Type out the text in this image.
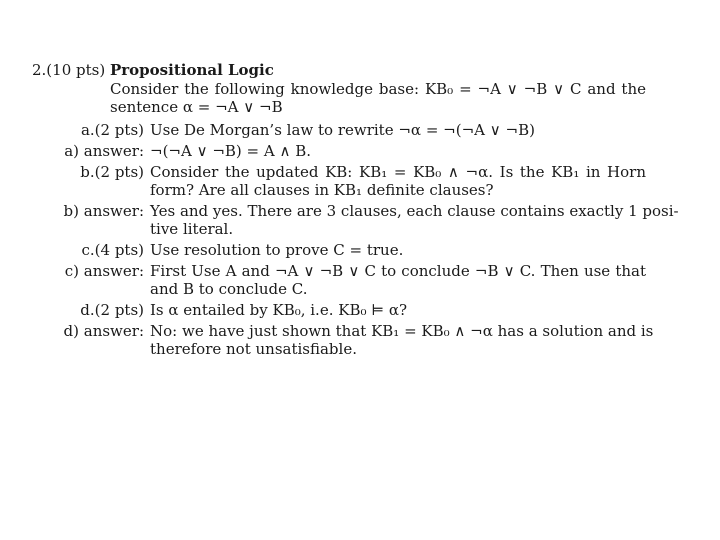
2.(10 pts) Propositional Logic
Consider the following knowledge base: KB₀ = ¬A ∨ ¬B ∨ C and the
sentence α = ¬A ∨ ¬B
a.(2 pts) Use De Morgan’s law to rewrite ¬α = ¬(¬A ∨ ¬B)
a) answer: ¬(¬A ∨ ¬B) = A ∧ B.
b.(2 pts) Consider the updated KB: KB₁ = KB₀ ∧ ¬α. Is the KB₁ in Horn
form? Are all clauses in KB₁ definite clauses?
b) answer: Yes and yes. There are 3 clauses, each clause contains exactly 1 posi-
tive literal.
c.(4 pts) Use resolution to prove C = true.
c) answer: First Use A and ¬A ∨ ¬B ∨ C to conclude ¬B ∨ C. Then use that
and B to conclude C.
d.(2 pts) Is α entailed by KB₀, i.e. KB₀ ⊨ α?
d) answer: No: we have just shown that KB₁ = KB₀ ∧ ¬α has a solution and is
therefore not unsatisfiable.
